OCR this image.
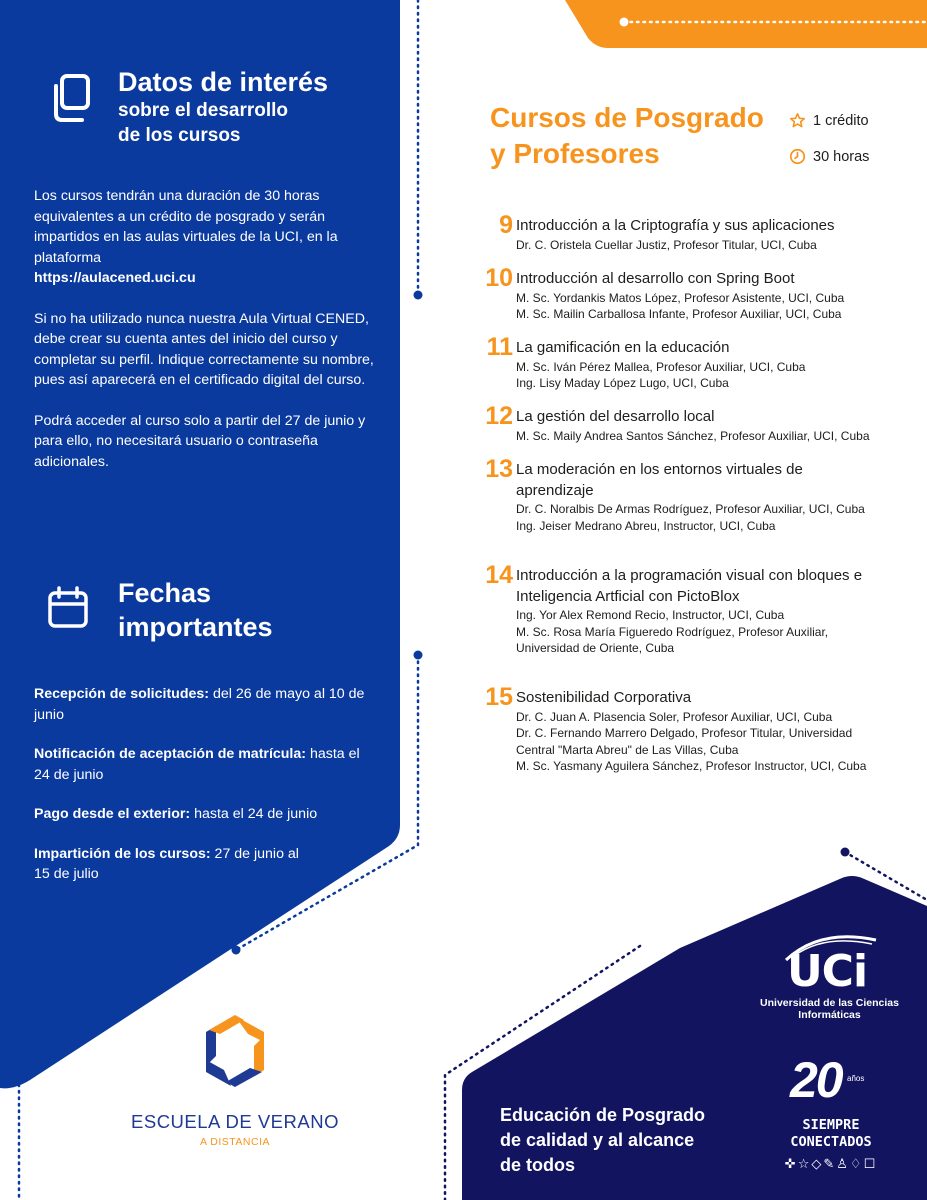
Datos de interés
sobre el desarrollo
de los cursos
Los cursos tendrán una duración de 30 horas equivalentes a un crédito de posgrado y serán impartidos en las aulas virtuales de la UCI, en la plataforma
https://aulacened.uci.cu
Si no ha utilizado nunca nuestra Aula Virtual CENED, debe crear su cuenta antes del inicio del curso y completar su perfil. Indique correctamente su nombre, pues así aparecerá en el certificado digital del curso.
Podrá acceder al curso solo a partir del 27 de junio y para ello, no necesitará usuario o contraseña adicionales.
Fechas
importantes
Recepción de solicitudes: del 26 de mayo al 10 de junio
Notificación de aceptación de matrícula: hasta el 24 de junio
Pago desde el exterior: hasta el 24 de junio
Impartición de los cursos: 27 de junio al 15 de julio
Cursos de Posgrado
y Profesores
1 crédito
30 horas
9 Introducción a la Criptografía y sus aplicaciones
Dr. C. Oristela Cuellar Justiz, Profesor Titular, UCI, Cuba
10 Introducción al desarrollo con Spring Boot
M. Sc. Yordankis Matos López, Profesor Asistente, UCI, Cuba
M. Sc. Mailin Carballosa Infante, Profesor Auxiliar, UCI, Cuba
11 La gamificación en la educación
M. Sc. Iván Pérez Mallea, Profesor Auxiliar, UCI, Cuba
Ing. Lisy Maday López Lugo, UCI, Cuba
12 La gestión del desarrollo local
M. Sc. Maily Andrea Santos Sánchez, Profesor Auxiliar, UCI, Cuba
13 La moderación en los entornos virtuales de aprendizaje
Dr. C. Noralbis De Armas Rodríguez, Profesor Auxiliar, UCI, Cuba
Ing. Jeiser Medrano Abreu, Instructor, UCI, Cuba
14 Introducción a la programación visual con bloques e Inteligencia Artficial con PictoBlox
Ing. Yor Alex Remond Recio, Instructor, UCI, Cuba
M. Sc. Rosa María Figueredo Rodríguez, Profesor Auxiliar, Universidad de Oriente, Cuba
15 Sostenibilidad Corporativa
Dr. C. Juan A. Plasencia Soler, Profesor Auxiliar, UCI, Cuba
Dr. C. Fernando Marrero Delgado, Profesor Titular, Universidad Central "Marta Abreu" de Las Villas, Cuba
M. Sc. Yasmany Aguilera Sánchez, Profesor Instructor, UCI, Cuba
ESCUELA DE VERANO
A DISTANCIA
UCi
Universidad de las Ciencias
Informáticas
20 años
SIEMPRE
CONECTADOS
✜☆◇✎♙♢☐
Educación de Posgrado
de calidad y al alcance
de todos
